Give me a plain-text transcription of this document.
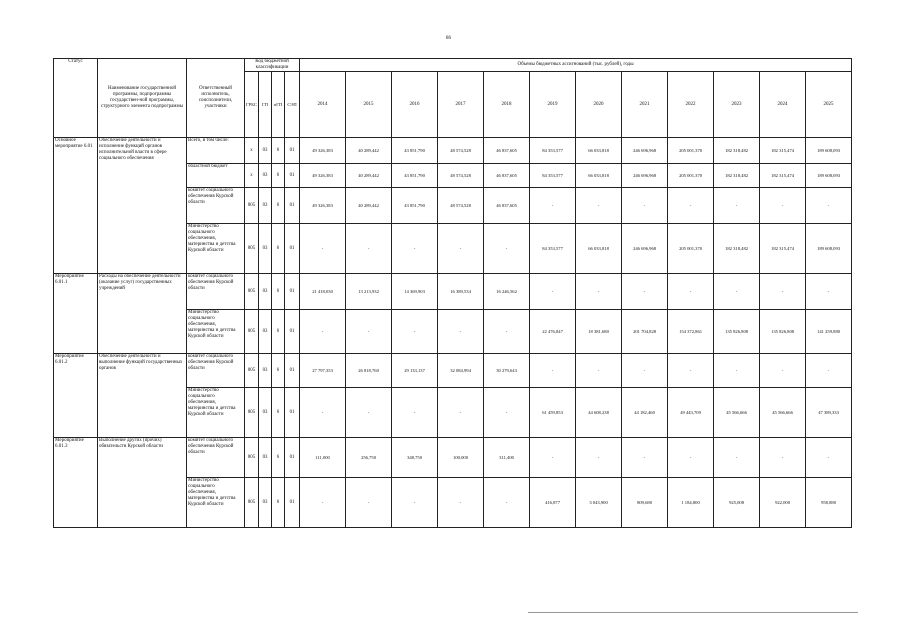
86
Статус	Наименование государственной программы, подпрограммы государствен-ной программы, структурного элемента подпрограммы	Ответственный исполнитель, соисполнители, участники	Код бюджетной классификации				Объемы бюджетных ассигнований (тыс. рублей), годы											
			ГРБС	ГП	пГП	СЭП	2014	2015	2016	2017	2018	2019	2020	2021	2022	2023	2024	2025
Основное мероприятие 6.01	Обеспечение деятельности и исполнение функций органов исполнительной власти в сфере социального обеспечения	Всего, в том числе:	х	03	6	01	49 326,383	40 289,442	43 851,790	48 574,528	46 837,605	84 353,577	66 033,818	246 696,968	205 001,370	182 318,482	182 315,474	189 608,093
		областной бюджет	х	03	6	01	49 326,383	40 289,442	43 851,790	48 574,528	46 837,605	84 353,577	66 033,818	246 696,968	205 001,370	182 318,482	182 315,474	189 608,093
		комитет социального обеспечения Курской области	805	03	6	01	49 326,383	40 289,442	43 851,790	48 574,528	46 837,605	-	-	-	-	-	-	-
		Министерство социального обеспечения, материнства и детства Курской области	805	03	6	01	-	-	-	-	-	84 353,577	66 033,818	246 696,968	205 001,370	182 318,482	182 315,474	189 608,093
Мероприятие 6.01.1	Расходы на обеспечение деятельности (оказание услуг) государственных учреждений	комитет социального обеспечения Курской области	805	03	6	01	21 418,030	13 213,932	14 369,903	16 389,534	16 246,562	-	-	-	-	-	-	-
		Министерство социального обеспечения, материнства и детства Курской области	805	03	6	01	-	-	-	-	-	22 476,847	18 381,680	201 704,828	154 372,861	135 826,808	135 826,808	141 259,880
Мероприятие 6.01.2	Обеспечение деятельности и выполнение функций государственных органов	комитет социального обеспечения Курской области	805	03	6	01	27 797,353	26 818,760	29 133,137	32 084,994	30 279,643	-	-	-	-	-	-	-
		Министерство социального обеспечения, материнства и детства Курской области	805	03	6	01	-	-	-	-	-	61 459,853	44 608,238	44 182,460	49 443,709	45 566,666	45 566,666	47 389,333
Мероприятие 6.01.3	Выполнение других (прочих) обязательств Курской области	комитет социального обеспечения Курской области	805	03	6	01	111,000	256,750	348,750	100,000	311,400	-	-	-	-	-	-	-
		Министерство социального обеспечения, материнства и детства Курской области	805	03	6	01	-	-	-	-	-	416,877	3 043,900	809,680	1 184,800	925,008	922,000	958,880
